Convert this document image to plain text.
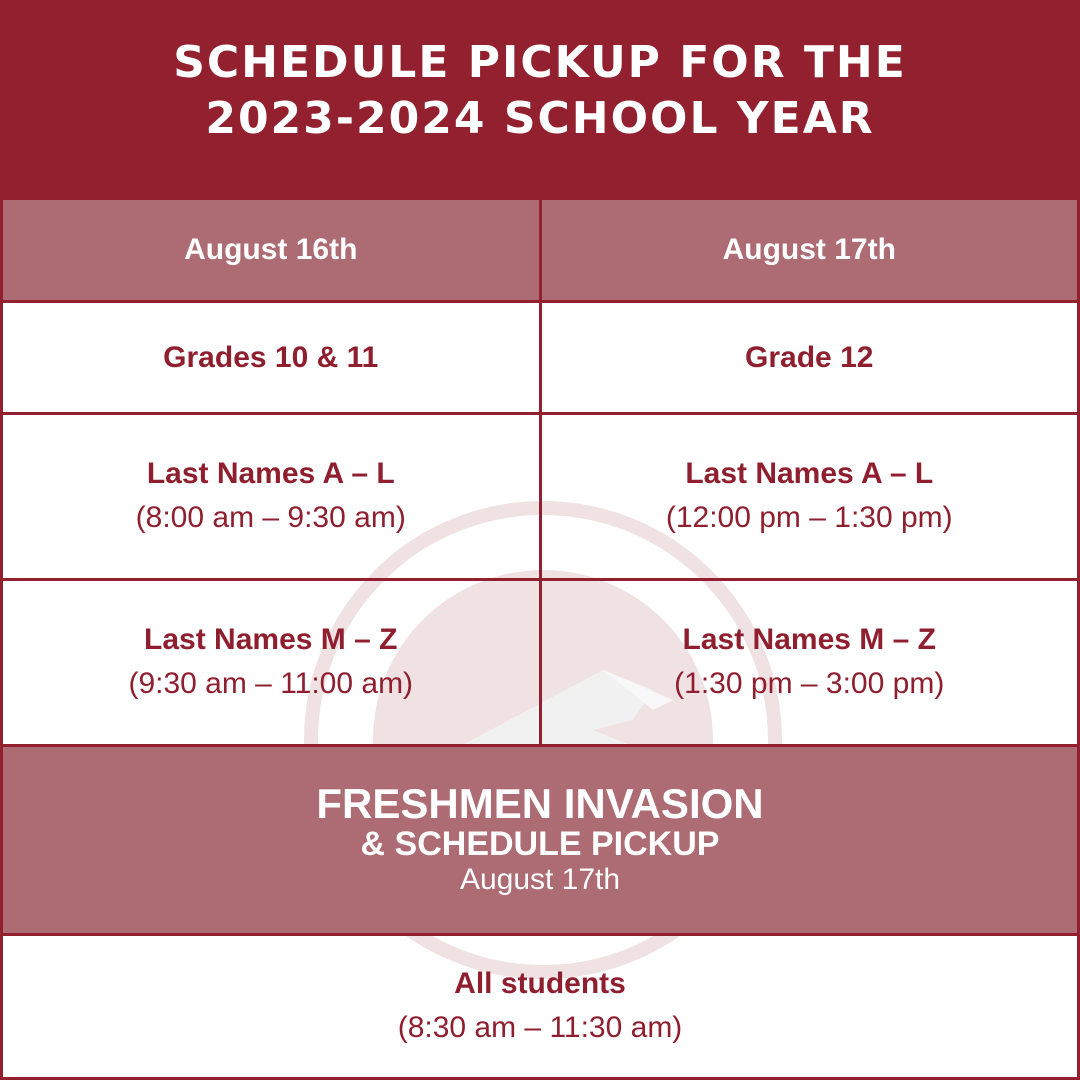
SCHEDULE PICKUP FOR THE
2023-2024 SCHOOL YEAR
August 16th	August 17th
Grades 10 & 11	Grade 12
Last Names A – L
(8:00 am – 9:30 am)
Last Names A – L
(12:00 pm – 1:30 pm)
Last Names M – Z
(9:30 am – 11:00 am)
Last Names M – Z
(1:30 pm – 3:00 pm)
FRESHMEN INVASION
& SCHEDULE PICKUP
August 17th
All students
(8:30 am – 11:30 am)
